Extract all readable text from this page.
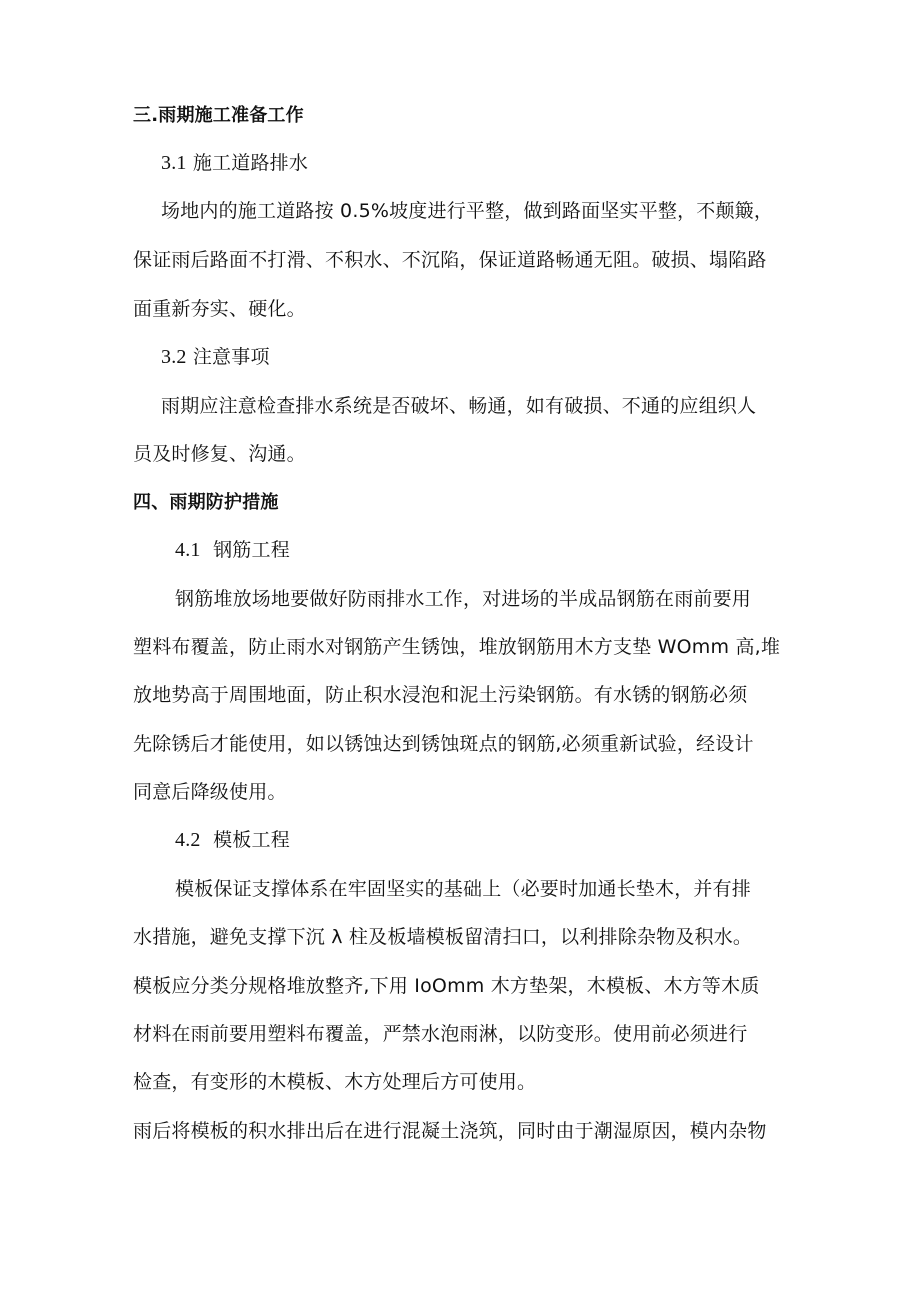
三.雨期施工准备工作
3.1 施工道路排水
场地内的施工道路按 0.5%坡度进行平整，做到路面坚实平整，不颠簸，
保证雨后路面不打滑、不积水、不沉陷，保证道路畅通无阻。破损、塌陷路
面重新夯实、硬化。
3.2 注意事项
雨期应注意检查排水系统是否破坏、畅通，如有破损、不通的应组织人
员及时修复、沟通。
四、雨期防护措施
4.1 钢筋工程
钢筋堆放场地要做好防雨排水工作，对进场的半成品钢筋在雨前要用
塑料布覆盖，防止雨水对钢筋产生锈蚀，堆放钢筋用木方支垫 WOmm 高,堆
放地势高于周围地面，防止积水浸泡和泥土污染钢筋。有水锈的钢筋必须
先除锈后才能使用，如以锈蚀达到锈蚀斑点的钢筋,必须重新试验，经设计
同意后降级使用。
4.2 模板工程
模板保证支撑体系在牢固坚实的基础上（必要时加通长垫木，并有排
水措施，避免支撑下沉 λ 柱及板墙模板留清扫口，以利排除杂物及积水。
模板应分类分规格堆放整齐,下用 IoOmm 木方垫架，木模板、木方等木质
材料在雨前要用塑料布覆盖，严禁水泡雨淋，以防变形。使用前必须进行
检查，有变形的木模板、木方处理后方可使用。
雨后将模板的积水排出后在进行混凝土浇筑，同时由于潮湿原因，模内杂物
